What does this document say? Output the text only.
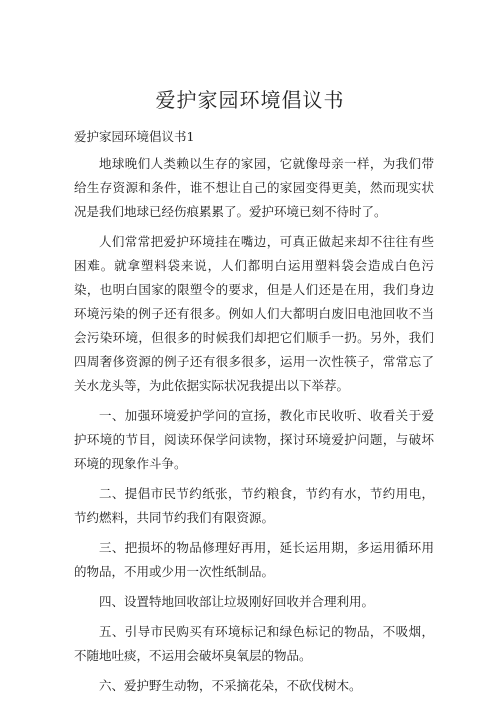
爱护家园环境倡议书

爱护家园环境倡议书1

地球晚们人类赖以生存的家园，它就像母亲一样，为我们带给生存资源和条件，谁不想让自己的家园变得更美，然而现实状况是我们地球已经伤痕累累了。爱护环境已刻不待时了。

人们常常把爱护环境挂在嘴边，可真正做起来却不往往有些困难。就拿塑料袋来说，人们都明白运用塑料袋会造成白色污染，也明白国家的限塑令的要求，但是人们还是在用，我们身边环境污染的例子还有很多。例如人们大都明白废旧电池回收不当会污染环境，但很多的时候我们却把它们顺手一扔。另外，我们四周奢侈资源的例子还有很多很多，运用一次性筷子，常常忘了关水龙头等，为此依据实际状况我提出以下举荐。

一、加强环境爱护学问的宣扬，教化市民收听、收看关于爱护环境的节目，阅读环保学问读物，探讨环境爱护问题，与破坏环境的现象作斗争。

二、提倡市民节约纸张，节约粮食，节约有水，节约用电，节约燃料，共同节约我们有限资源。

三、把损坏的物品修理好再用，延长运用期，多运用循环用的物品，不用或少用一次性纸制品。

四、设置特地回收部让垃圾刚好回收并合理利用。

五、引导市民购买有环境标记和绿色标记的物品，不吸烟，不随地吐痰，不运用会破坏臭氧层的物品。

六、爱护野生动物，不采摘花朵，不砍伐树木。
